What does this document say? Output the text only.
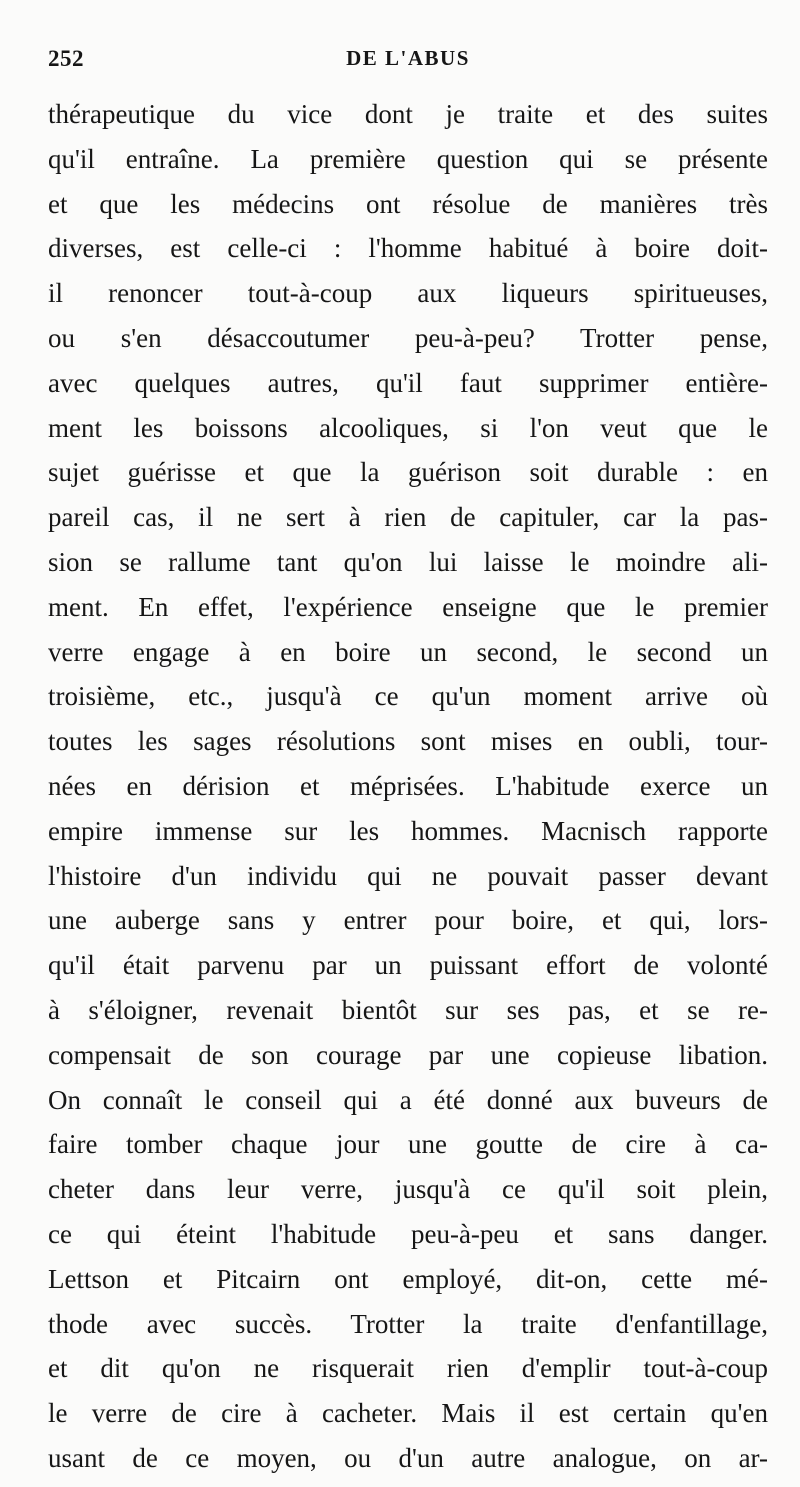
252	DE L'ABUS
thérapeutique du vice dont je traite et des suites
qu'il entraîne. La première question qui se présente
et que les médecins ont résolue de manières très
diverses, est celle-ci : l'homme habitué à boire doit-
il renoncer tout-à-coup aux liqueurs spiritueuses,
ou s'en désaccoutumer peu-à-peu? Trotter pense,
avec quelques autres, qu'il faut supprimer entière-
ment les boissons alcooliques, si l'on veut que le
sujet guérisse et que la guérison soit durable : en
pareil cas, il ne sert à rien de capituler, car la pas-
sion se rallume tant qu'on lui laisse le moindre ali-
ment. En effet, l'expérience enseigne que le premier
verre engage à en boire un second, le second un
troisième, etc., jusqu'à ce qu'un moment arrive où
toutes les sages résolutions sont mises en oubli, tour-
nées en dérision et méprisées. L'habitude exerce un
empire immense sur les hommes. Macnisch rapporte
l'histoire d'un individu qui ne pouvait passer devant
une auberge sans y entrer pour boire, et qui, lors-
qu'il était parvenu par un puissant effort de volonté
à s'éloigner, revenait bientôt sur ses pas, et se re-
compensait de son courage par une copieuse libation.
On connaît le conseil qui a été donné aux buveurs de
faire tomber chaque jour une goutte de cire à ca-
cheter dans leur verre, jusqu'à ce qu'il soit plein,
ce qui éteint l'habitude peu-à-peu et sans danger.
Lettson et Pitcairn ont employé, dit-on, cette mé-
thode avec succès. Trotter la traite d'enfantillage,
et dit qu'on ne risquerait rien d'emplir tout-à-coup
le verre de cire à cacheter. Mais il est certain qu'en
usant de ce moyen, ou d'un autre analogue, on ar-
